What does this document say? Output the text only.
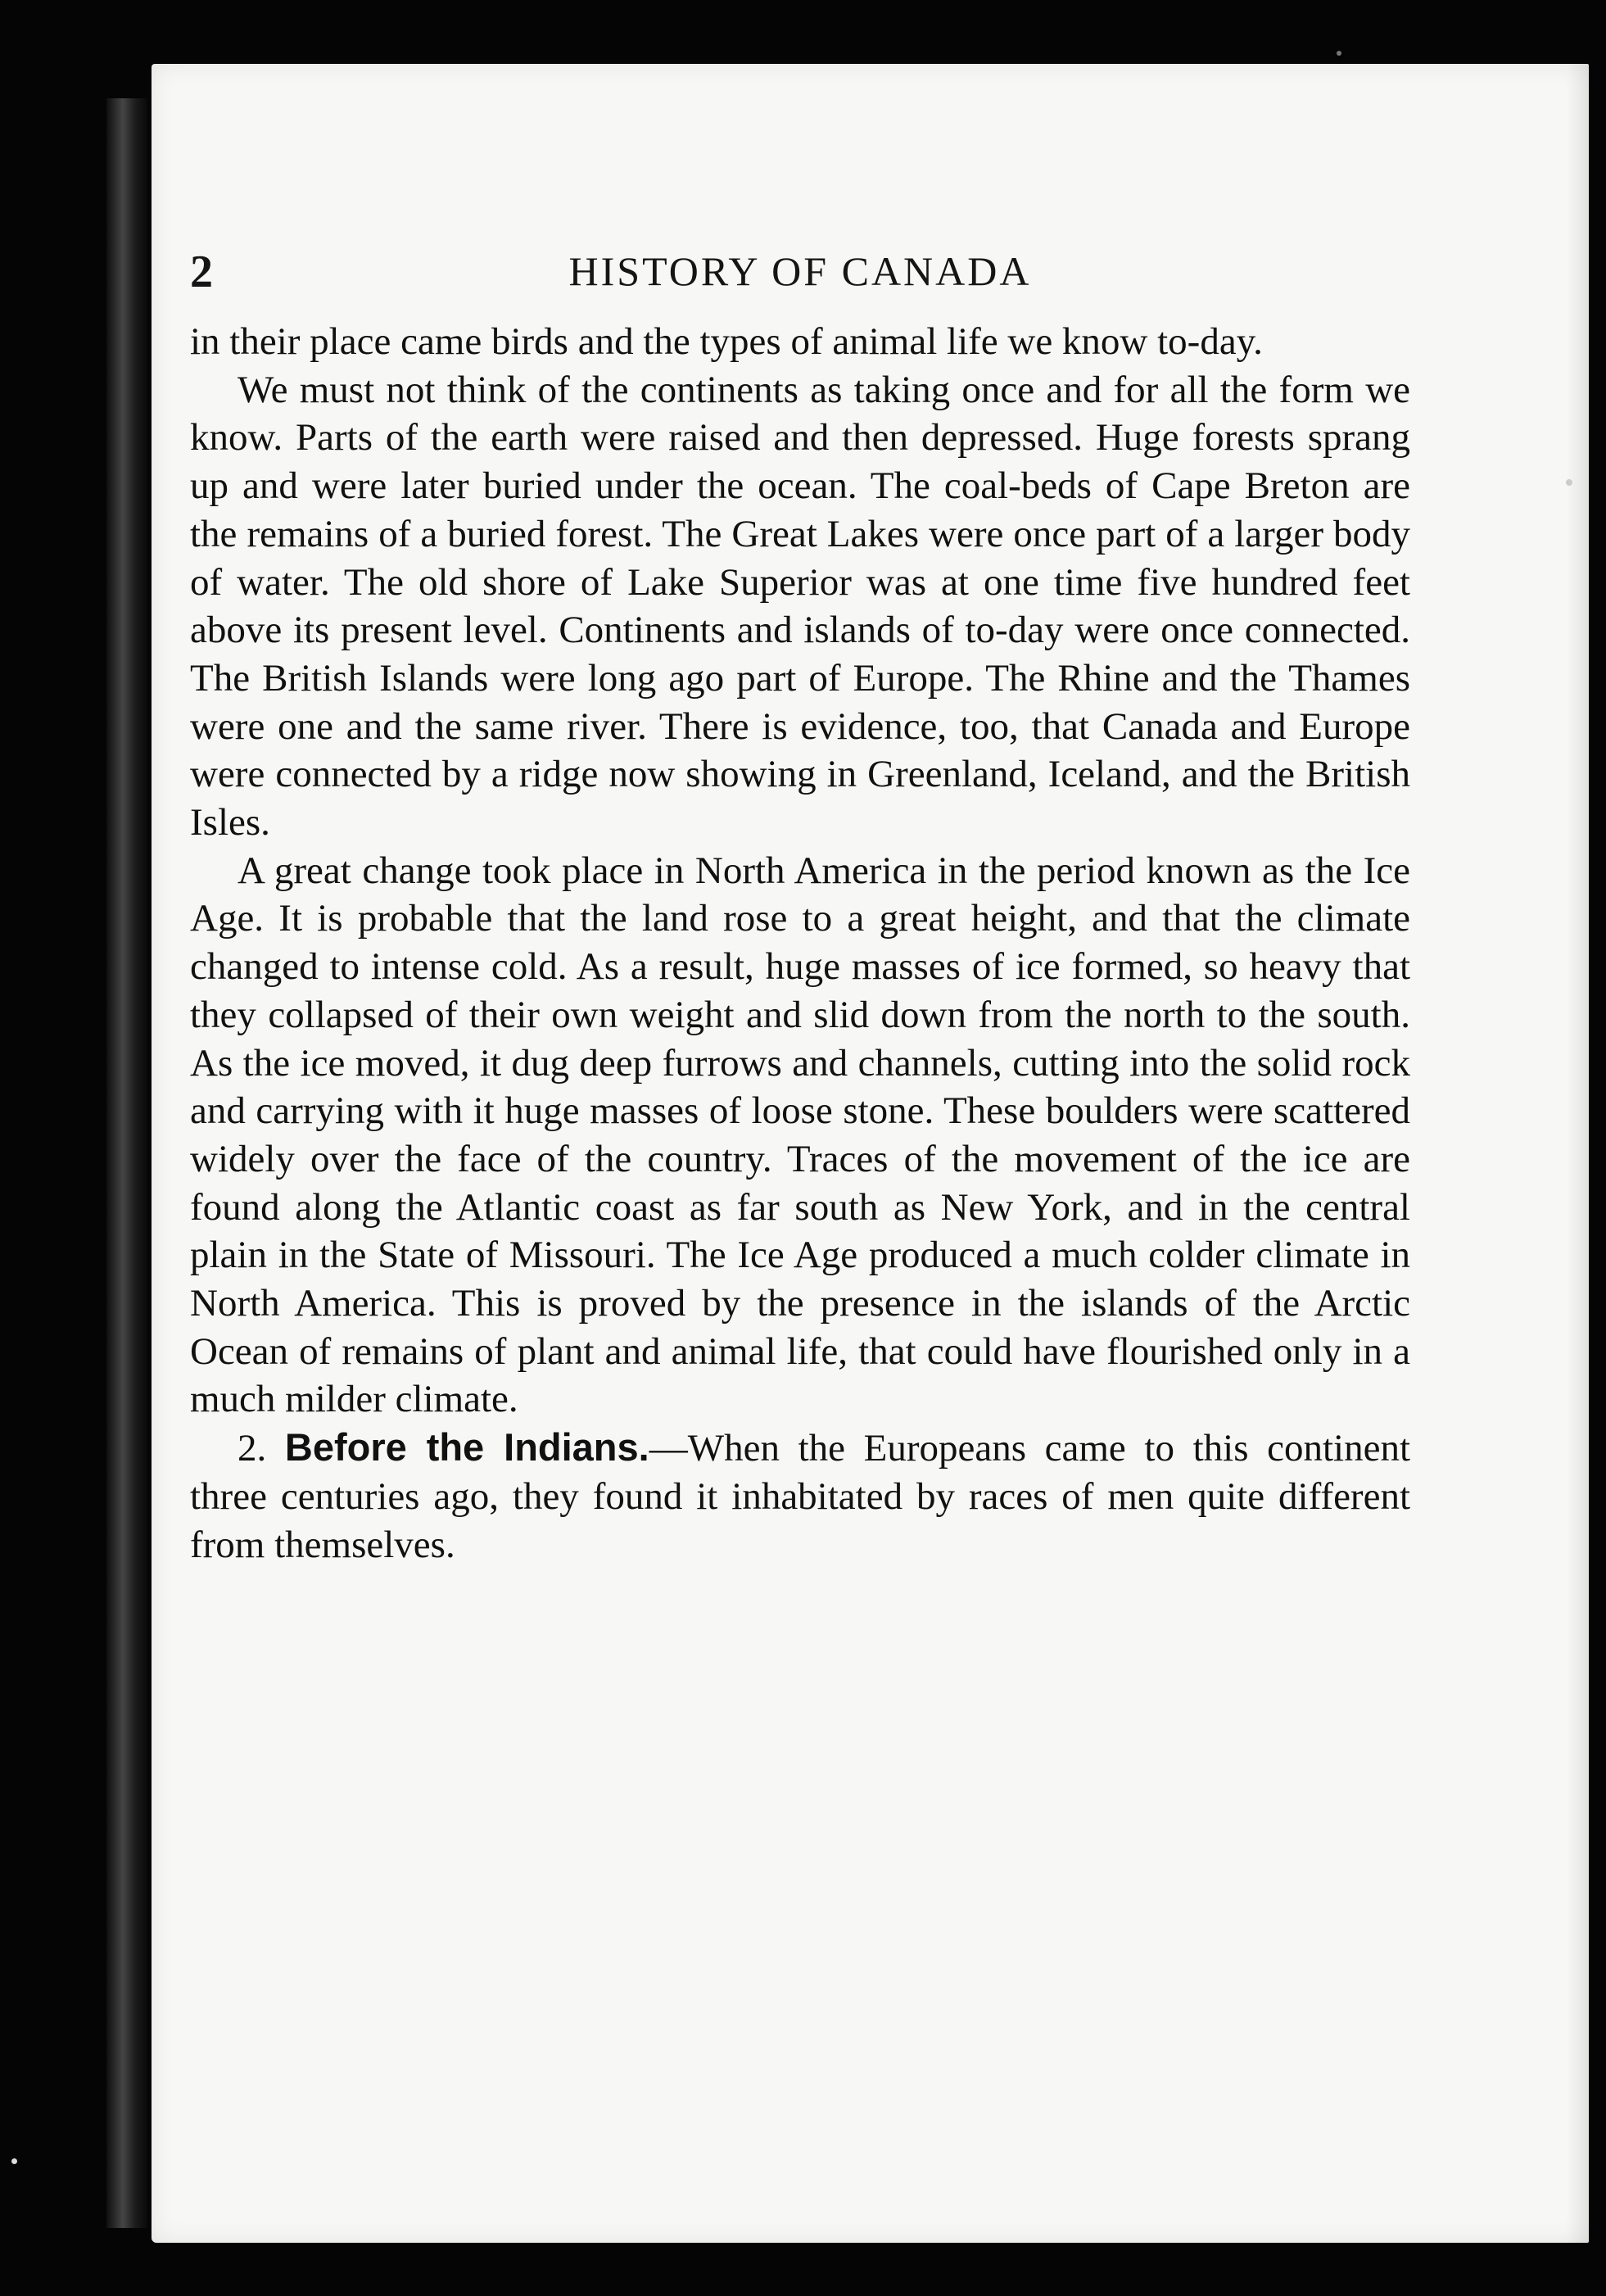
2	HISTORY OF CANADA

in their place came birds and the types of animal life we know to-day.

We must not think of the continents as taking once and for all the form we know. Parts of the earth were raised and then depressed. Huge forests sprang up and were later buried under the ocean. The coal-beds of Cape Breton are the remains of a buried forest. The Great Lakes were once part of a larger body of water. The old shore of Lake Superior was at one time five hundred feet above its present level. Continents and islands of to-day were once connected. The British Islands were long ago part of Europe. The Rhine and the Thames were one and the same river. There is evidence, too, that Canada and Europe were connected by a ridge now showing in Greenland, Iceland, and the British Isles.

A great change took place in North America in the period known as the Ice Age. It is probable that the land rose to a great height, and that the climate changed to intense cold. As a result, huge masses of ice formed, so heavy that they collapsed of their own weight and slid down from the north to the south. As the ice moved, it dug deep furrows and channels, cutting into the solid rock and carrying with it huge masses of loose stone. These boulders were scattered widely over the face of the country. Traces of the movement of the ice are found along the Atlantic coast as far south as New York, and in the central plain in the State of Missouri. The Ice Age produced a much colder climate in North America. This is proved by the presence in the islands of the Arctic Ocean of remains of plant and animal life, that could have flourished only in a much milder climate.

2. Before the Indians.—When the Europeans came to this continent three centuries ago, they found it inhabitated by races of men quite different from themselves.
